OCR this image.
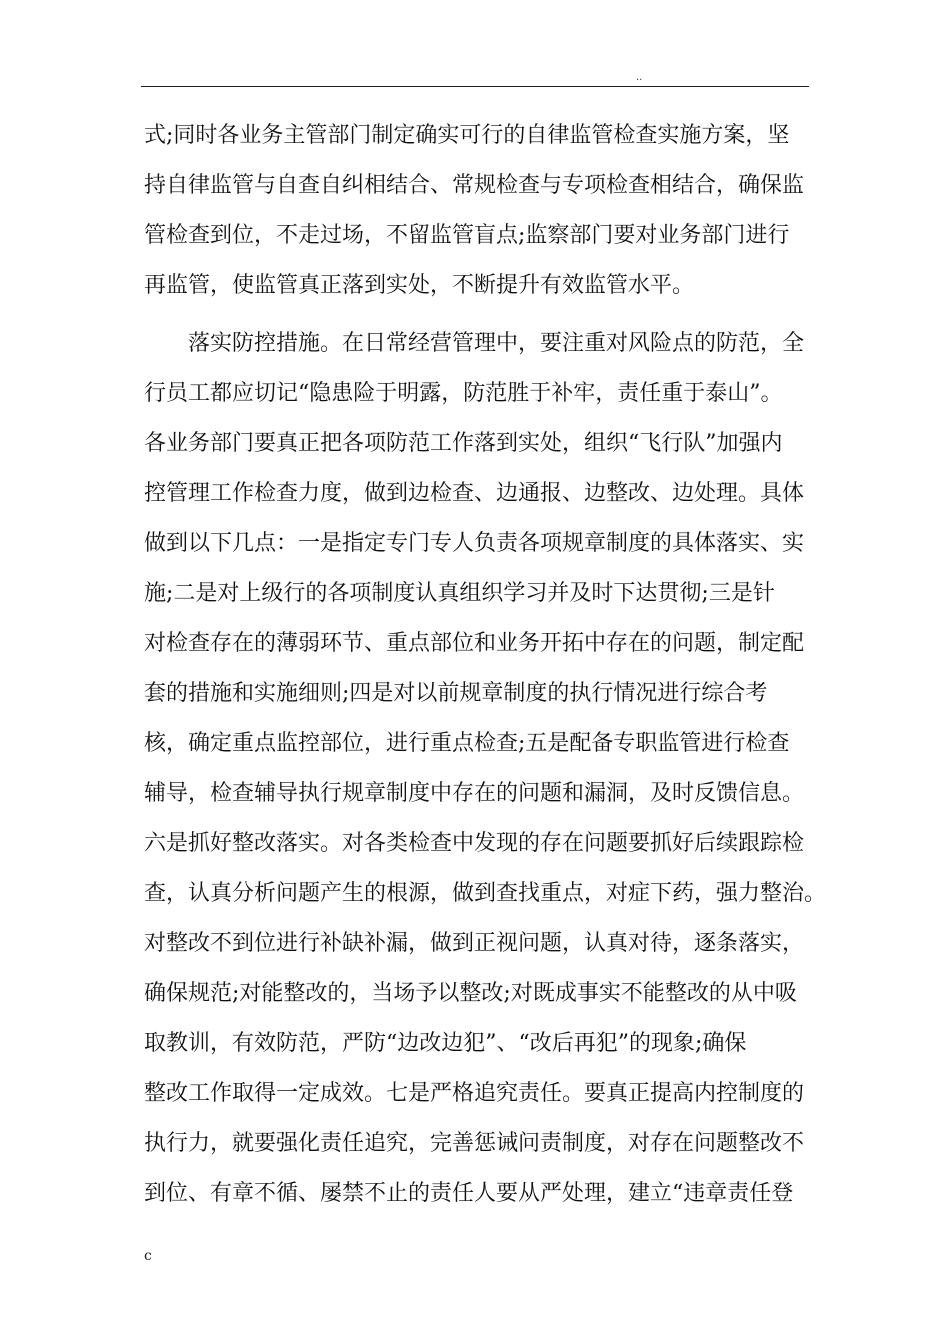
..
式;同时各业务主管部门制定确实可行的自律监管检查实施方案，坚
持自律监管与自查自纠相结合、常规检查与专项检查相结合，确保监
管检查到位，不走过场，不留监管盲点;监察部门要对业务部门进行
再监管，使监管真正落到实处，不断提升有效监管水平。
落实防控措施。在日常经营管理中，要注重对风险点的防范，全
行员工都应切记“隐患险于明露，防范胜于补牢，责任重于泰山”。
各业务部门要真正把各项防范工作落到实处，组织“飞行队”加强内
控管理工作检查力度，做到边检查、边通报、边整改、边处理。具体
做到以下几点：一是指定专门专人负责各项规章制度的具体落实、实
施;二是对上级行的各项制度认真组织学习并及时下达贯彻;三是针
对检查存在的薄弱环节、重点部位和业务开拓中存在的问题，制定配
套的措施和实施细则;四是对以前规章制度的执行情况进行综合考
核，确定重点监控部位，进行重点检查;五是配备专职监管进行检查
辅导，检查辅导执行规章制度中存在的问题和漏洞，及时反馈信息。
六是抓好整改落实。对各类检查中发现的存在问题要抓好后续跟踪检
查，认真分析问题产生的根源，做到查找重点，对症下药，强力整治。
对整改不到位进行补缺补漏，做到正视问题，认真对待，逐条落实，
确保规范;对能整改的，当场予以整改;对既成事实不能整改的从中吸
取教训，有效防范，严防“边改边犯”、“改后再犯”的现象;确保
整改工作取得一定成效。七是严格追究责任。要真正提高内控制度的
执行力，就要强化责任追究，完善惩诫问责制度，对存在问题整改不
到位、有章不循、屡禁不止的责任人要从严处理，建立“违章责任登
c
